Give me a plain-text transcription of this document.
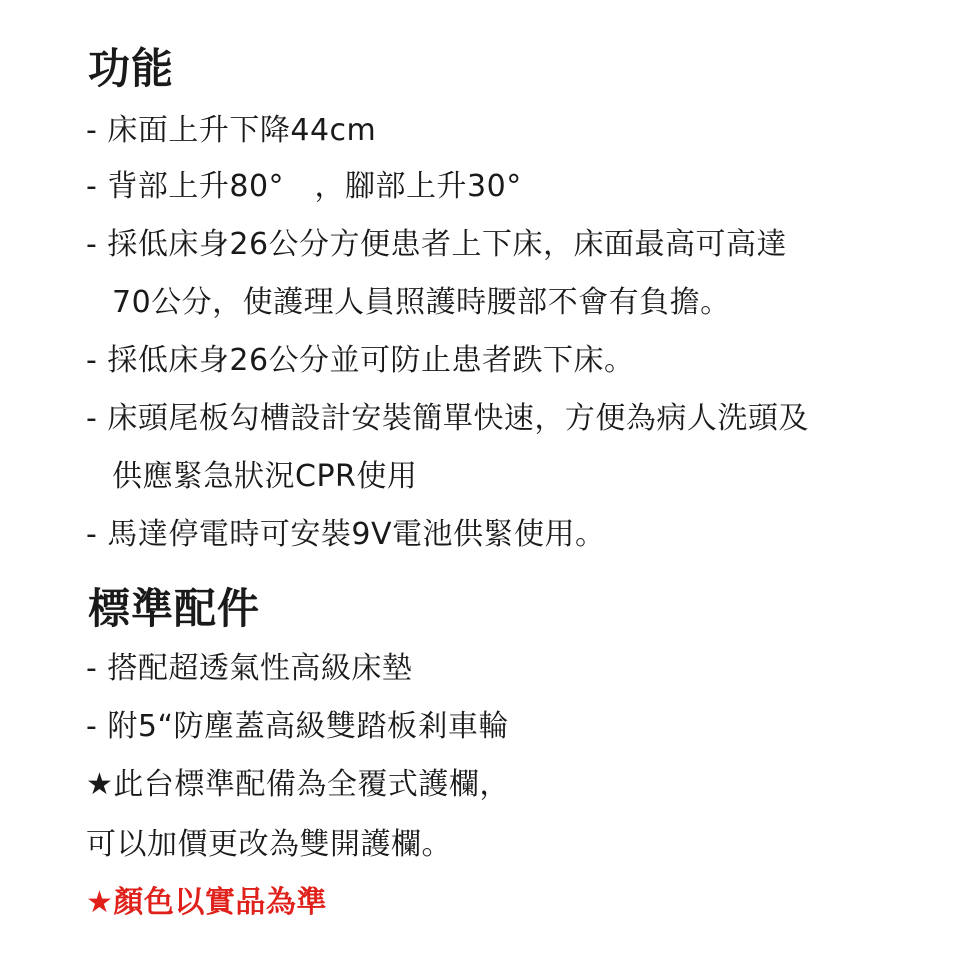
功能
- 床面上升下降44cm
- 背部上升80°　，腳部上升30°
- 採低床身26公分方便患者上下床，床面最高可高達
70公分，使護理人員照護時腰部不會有負擔。
- 採低床身26公分並可防止患者跌下床。
- 床頭尾板勾槽設計安裝簡單快速，方便為病人洗頭及
供應緊急狀況CPR使用
- 馬達停電時可安裝9V電池供緊使用。
標準配件
- 搭配超透氣性高級床墊
- 附5“防塵蓋高級雙踏板剎車輪
★此台標準配備為全覆式護欄，
可以加價更改為雙開護欄。
★顏色以實品為準
